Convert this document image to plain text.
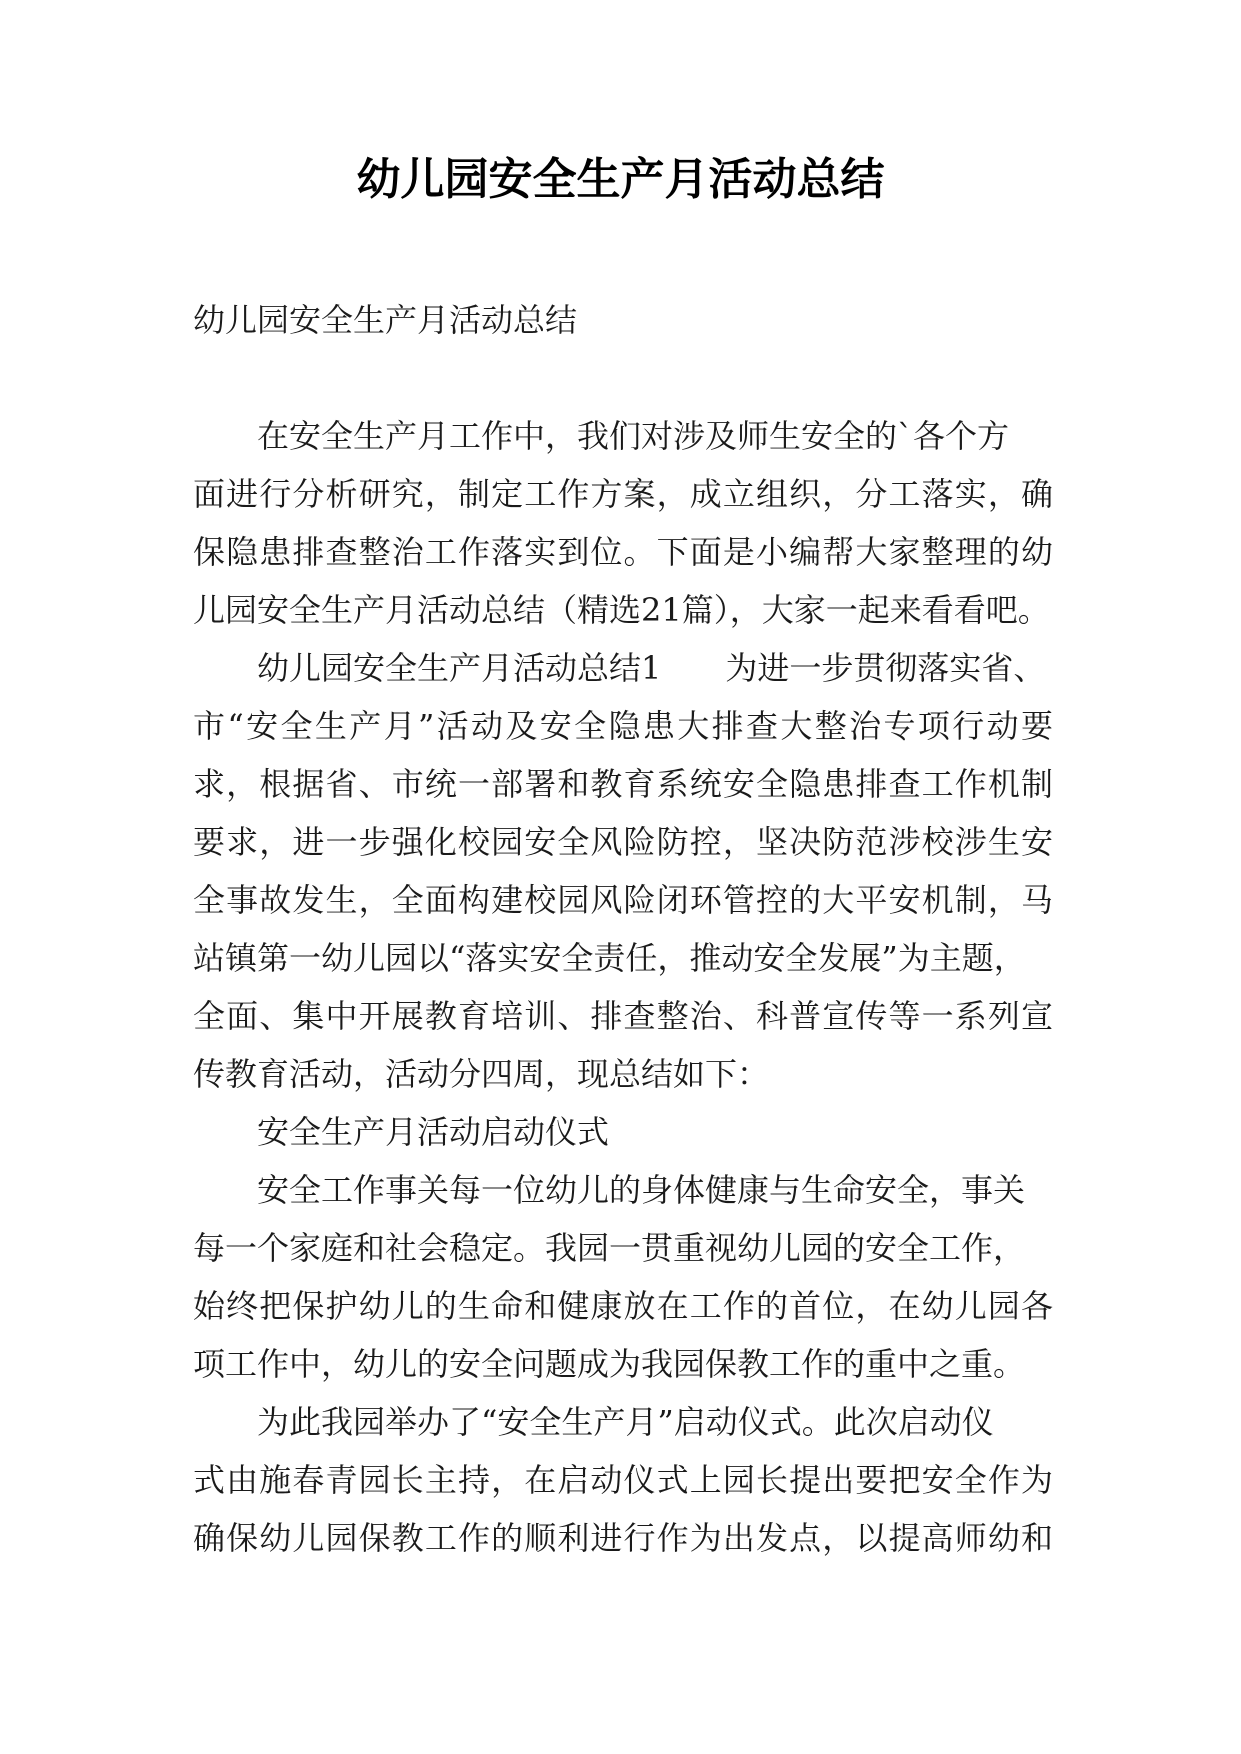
幼儿园安全生产月活动总结
幼儿园安全生产月活动总结
在安全生产月工作中，我们对涉及师生安全的`各个方
面进行分析研究，制定工作方案，成立组织，分工落实，确
保隐患排查整治工作落实到位。下面是小编帮大家整理的幼
儿园安全生产月活动总结（精选21篇），大家一起来看看吧。
幼儿园安全生产月活动总结1　　为进一步贯彻落实省、
市“安全生产月”活动及安全隐患大排查大整治专项行动要
求，根据省、市统一部署和教育系统安全隐患排查工作机制
要求，进一步强化校园安全风险防控，坚决防范涉校涉生安
全事故发生，全面构建校园风险闭环管控的大平安机制，马
站镇第一幼儿园以“落实安全责任，推动安全发展”为主题，
全面、集中开展教育培训、排查整治、科普宣传等一系列宣
传教育活动，活动分四周，现总结如下：
安全生产月活动启动仪式
安全工作事关每一位幼儿的身体健康与生命安全，事关
每一个家庭和社会稳定。我园一贯重视幼儿园的安全工作，
始终把保护幼儿的生命和健康放在工作的首位，在幼儿园各
项工作中，幼儿的安全问题成为我园保教工作的重中之重。
为此我园举办了“安全生产月”启动仪式。此次启动仪
式由施春青园长主持，在启动仪式上园长提出要把安全作为
确保幼儿园保教工作的顺利进行作为出发点，以提高师幼和
